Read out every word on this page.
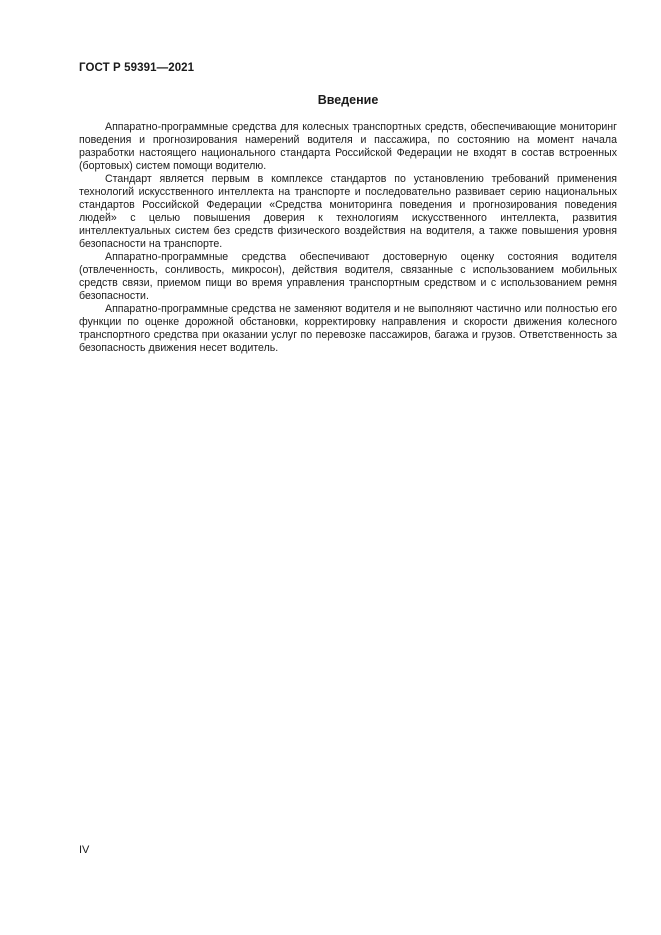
ГОСТ Р 59391—2021
Введение

Аппаратно-программные средства для колесных транспортных средств, обеспечивающие мониторинг поведения и прогнозирования намерений водителя и пассажира, по состоянию на момент начала разработки настоящего национального стандарта Российской Федерации не входят в состав встроенных (бортовых) систем помощи водителю.

Стандарт является первым в комплексе стандартов по установлению требований применения технологий искусственного интеллекта на транспорте и последовательно развивает серию национальных стандартов Российской Федерации «Средства мониторинга поведения и прогнозирования поведения людей» с целью повышения доверия к технологиям искусственного интеллекта, развития интеллектуальных систем без средств физического воздействия на водителя, а также повышения уровня безопасности на транспорте.

Аппаратно-программные средства обеспечивают достоверную оценку состояния водителя (отвлеченность, сонливость, микросон), действия водителя, связанные с использованием мобильных средств связи, приемом пищи во время управления транспортным средством и с использованием ремня безопасности.

Аппаратно-программные средства не заменяют водителя и не выполняют частично или полностью его функции по оценке дорожной обстановки, корректировку направления и скорости движения колесного транспортного средства при оказании услуг по перевозке пассажиров, багажа и грузов. Ответственность за безопасность движения несет водитель.

IV
